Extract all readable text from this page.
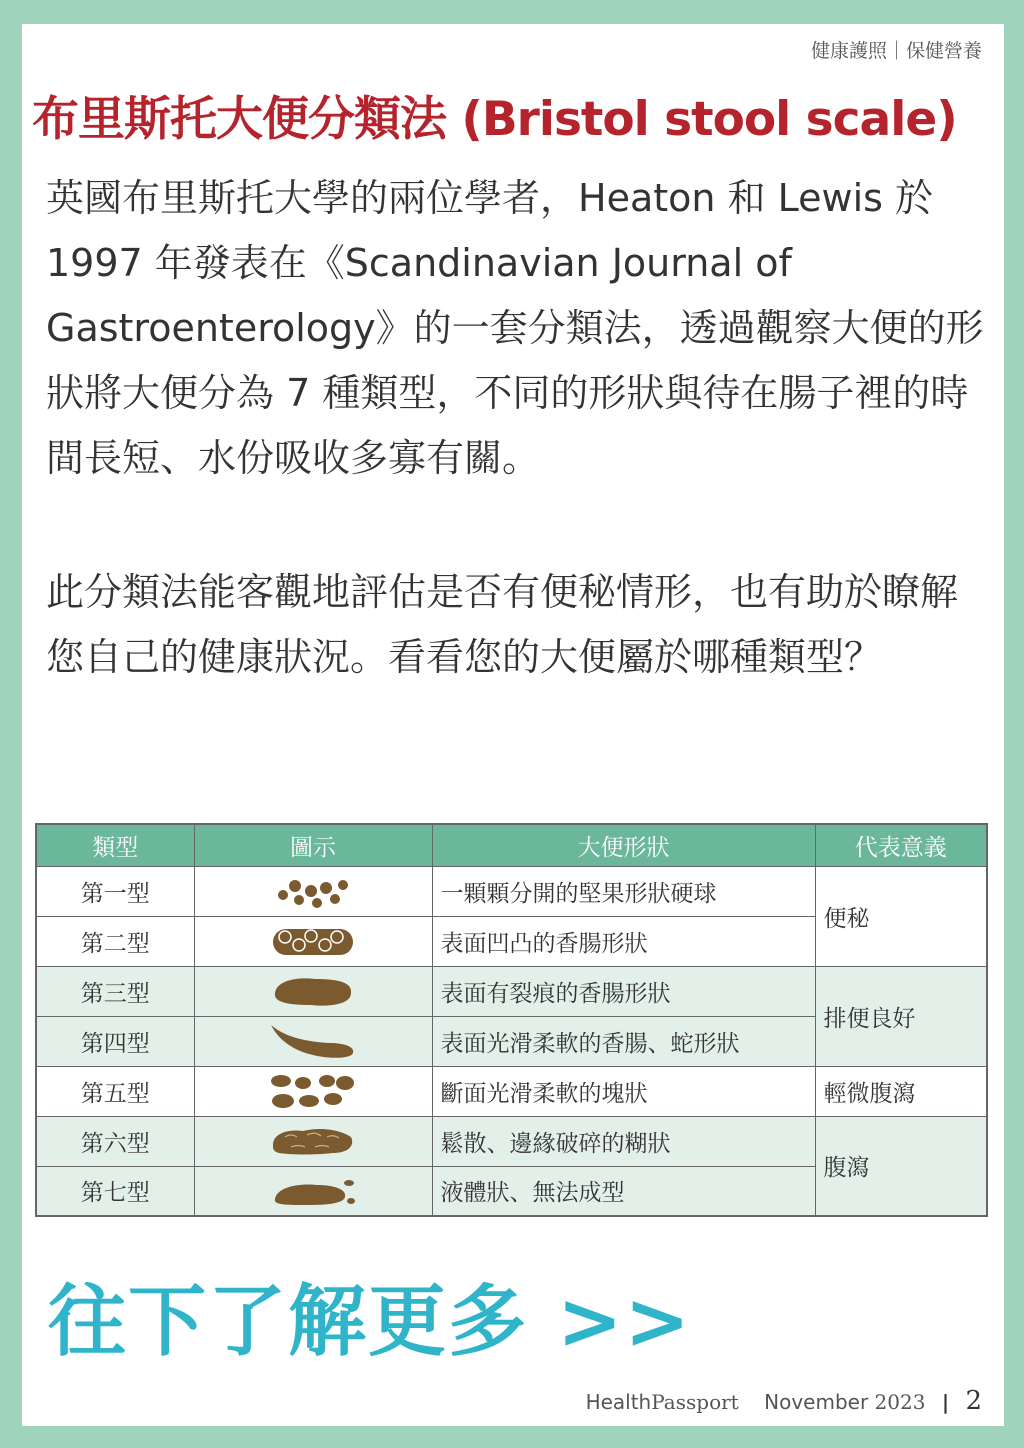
健康護照｜保健營養
布里斯托大便分類法 (Bristol stool scale)

英國布里斯托大學的兩位學者，Heaton 和 Lewis 於 1997 年發表在《Scandinavian Journal of Gastroenterology》的一套分類法，透過觀察大便的形狀將大便分為 7 種類型，不同的形狀與待在腸子裡的時間長短、水份吸收多寡有關。

此分類法能客觀地評估是否有便秘情形，也有助於瞭解您自己的健康狀況。看看您的大便屬於哪種類型？

類型	圖示	大便形狀	代表意義
第一型		一顆顆分開的堅果形狀硬球	便秘
第二型		表面凹凸的香腸形狀	
第三型		表面有裂痕的香腸形狀	排便良好
第四型		表面光滑柔軟的香腸、蛇形狀	
第五型		斷面光滑柔軟的塊狀	輕微腹瀉
第六型		鬆散、邊緣破碎的糊狀	腹瀉
第七型		液體狀、無法成型	
往下了解更多 >>
HealthPassport November 2023 | 2
